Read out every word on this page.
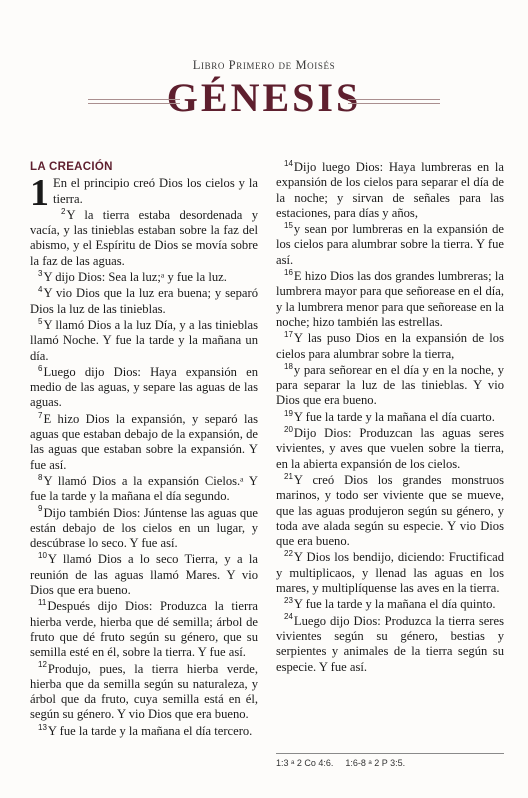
Libro Primero de Moisés
GÉNESIS
LA CREACIÓN

1 En el principio creó Dios los cielos y la tierra.

$^2$Y la tierra estaba desordenada y vacía, y las tinieblas estaban sobre la faz del abismo, y el Espíritu de Dios se movía sobre la faz de las aguas.

$^3$Y dijo Dios: Sea la luz;ᵃ y fue la luz.

$^4$Y vio Dios que la luz era buena; y separó Dios la luz de las tinieblas.

$^5$Y llamó Dios a la luz Día, y a las tinieblas llamó Noche. Y fue la tarde y la mañana un día.

$^6$Luego dijo Dios: Haya expansión en medio de las aguas, y separe las aguas de las aguas.

$^7$E hizo Dios la expansión, y separó las aguas que estaban debajo de la expansión, de las aguas que estaban sobre la expansión. Y fue así.

$^8$Y llamó Dios a la expansión Cielos.ᵃ Y fue la tarde y la mañana el día segundo.

$^9$Dijo también Dios: Júntense las aguas que están debajo de los cielos en un lugar, y descúbrase lo seco. Y fue así.

$^{10}$Y llamó Dios a lo seco Tierra, y a la reunión de las aguas llamó Mares. Y vio Dios que era bueno.

$^{11}$Después dijo Dios: Produzca la tierra hierba verde, hierba que dé semilla; árbol de fruto que dé fruto según su género, que su semilla esté en él, sobre la tierra. Y fue así.

$^{12}$Produjo, pues, la tierra hierba verde, hierba que da semilla según su naturaleza, y árbol que da fruto, cuya semilla está en él, según su género. Y vio Dios que era bueno.

$^{13}$Y fue la tarde y la mañana el día tercero.

$^{14}$Dijo luego Dios: Haya lumbreras en la expansión de los cielos para separar el día de la noche; y sirvan de señales para las estaciones, para días y años,

$^{15}$y sean por lumbreras en la expansión de los cielos para alumbrar sobre la tierra. Y fue así.

$^{16}$E hizo Dios las dos grandes lumbreras; la lumbrera mayor para que señorease en el día, y la lumbrera menor para que señorease en la noche; hizo también las estrellas.

$^{17}$Y las puso Dios en la expansión de los cielos para alumbrar sobre la tierra,

$^{18}$y para señorear en el día y en la noche, y para separar la luz de las tinieblas. Y vio Dios que era bueno.

$^{19}$Y fue la tarde y la mañana el día cuarto.

$^{20}$Dijo Dios: Produzcan las aguas seres vivientes, y aves que vuelen sobre la tierra, en la abierta expansión de los cielos.

$^{21}$Y creó Dios los grandes monstruos marinos, y todo ser viviente que se mueve, que las aguas produjeron según su género, y toda ave alada según su especie. Y vio Dios que era bueno.

$^{22}$Y Dios los bendijo, diciendo: Fructificad y multiplicaos, y llenad las aguas en los mares, y multiplíquense las aves en la tierra.

$^{23}$Y fue la tarde y la mañana el día quinto.

$^{24}$Luego dijo Dios: Produzca la tierra seres vivientes según su género, bestias y serpientes y animales de la tierra según su especie. Y fue así.

1:3 ᵃ 2 Co 4:6. 1:6-8 ᵃ 2 P 3:5.
